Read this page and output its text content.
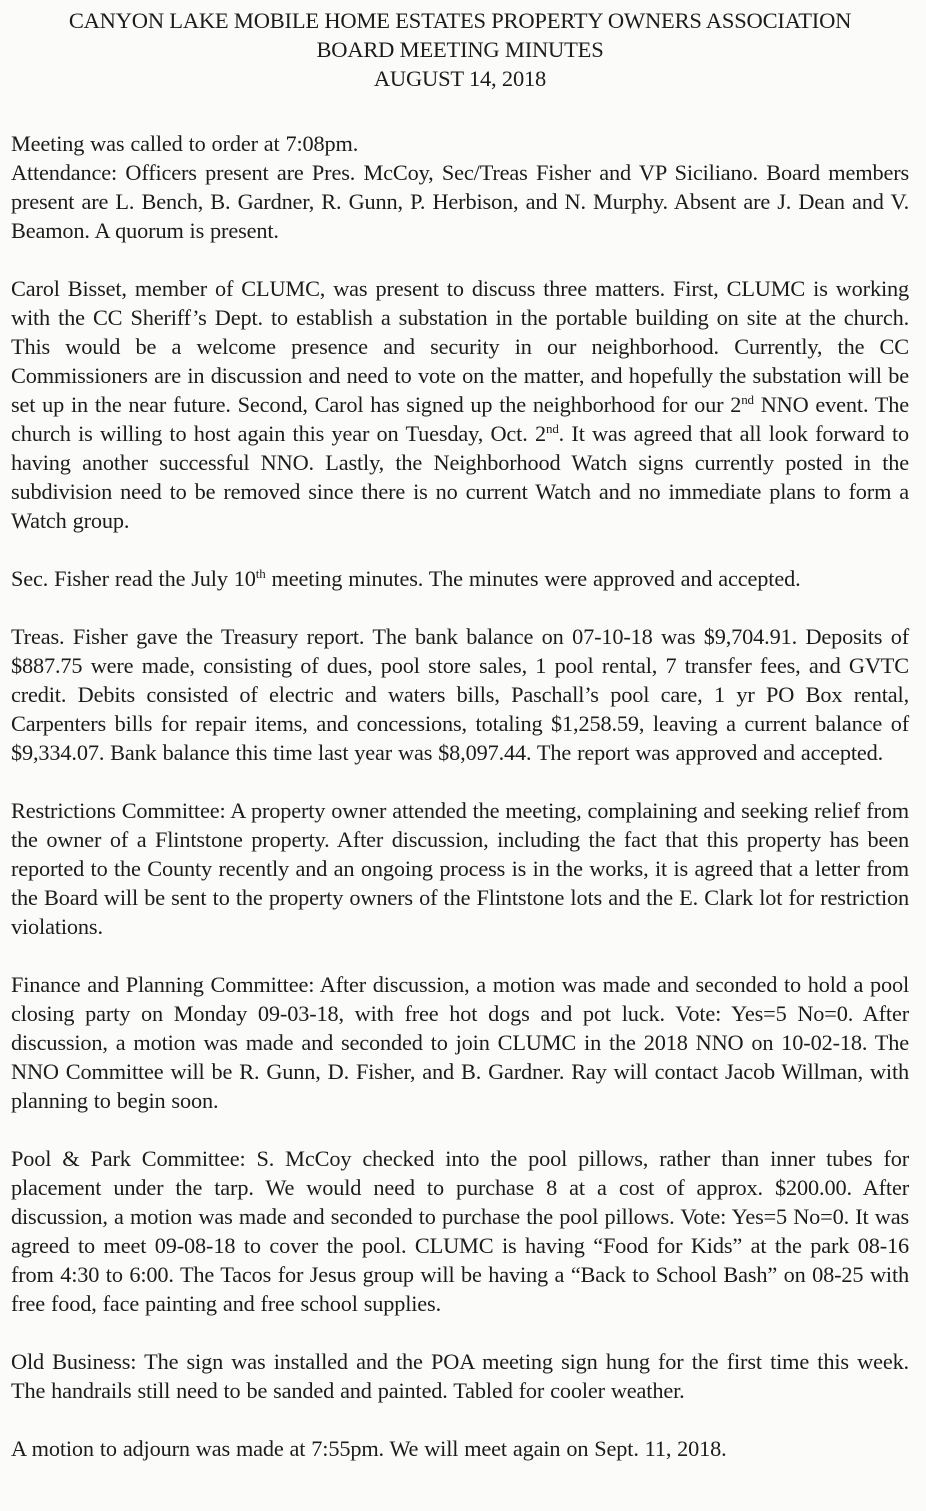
CANYON LAKE MOBILE HOME ESTATES PROPERTY OWNERS ASSOCIATION
BOARD MEETING MINUTES
AUGUST 14, 2018

Meeting was called to order at 7:08pm.

Attendance: Officers present are Pres. McCoy, Sec/Treas Fisher and VP Siciliano. Board members present are L. Bench, B. Gardner, R. Gunn, P. Herbison, and N. Murphy. Absent are J. Dean and V. Beamon. A quorum is present.

Carol Bisset, member of CLUMC, was present to discuss three matters. First, CLUMC is working with the CC Sheriff’s Dept. to establish a substation in the portable building on site at the church. This would be a welcome presence and security in our neighborhood. Currently, the CC Commissioners are in discussion and need to vote on the matter, and hopefully the substation will be set up in the near future. Second, Carol has signed up the neighborhood for our 2nd NNO event. The church is willing to host again this year on Tuesday, Oct. 2nd. It was agreed that all look forward to having another successful NNO. Lastly, the Neighborhood Watch signs currently posted in the subdivision need to be removed since there is no current Watch and no immediate plans to form a Watch group.

Sec. Fisher read the July 10th meeting minutes. The minutes were approved and accepted.

Treas. Fisher gave the Treasury report. The bank balance on 07-10-18 was $9,704.91. Deposits of $887.75 were made, consisting of dues, pool store sales, 1 pool rental, 7 transfer fees, and GVTC credit. Debits consisted of electric and waters bills, Paschall’s pool care, 1 yr PO Box rental, Carpenters bills for repair items, and concessions, totaling $1,258.59, leaving a current balance of $9,334.07. Bank balance this time last year was $8,097.44. The report was approved and accepted.

Restrictions Committee: A property owner attended the meeting, complaining and seeking relief from the owner of a Flintstone property. After discussion, including the fact that this property has been reported to the County recently and an ongoing process is in the works, it is agreed that a letter from the Board will be sent to the property owners of the Flintstone lots and the E. Clark lot for restriction violations.

Finance and Planning Committee: After discussion, a motion was made and seconded to hold a pool closing party on Monday 09-03-18, with free hot dogs and pot luck. Vote: Yes=5 No=0. After discussion, a motion was made and seconded to join CLUMC in the 2018 NNO on 10-02-18. The NNO Committee will be R. Gunn, D. Fisher, and B. Gardner. Ray will contact Jacob Willman, with planning to begin soon.

Pool & Park Committee: S. McCoy checked into the pool pillows, rather than inner tubes for placement under the tarp. We would need to purchase 8 at a cost of approx. $200.00. After discussion, a motion was made and seconded to purchase the pool pillows. Vote: Yes=5 No=0. It was agreed to meet 09-08-18 to cover the pool. CLUMC is having “Food for Kids” at the park 08-16 from 4:30 to 6:00. The Tacos for Jesus group will be having a “Back to School Bash” on 08-25 with free food, face painting and free school supplies.

Old Business: The sign was installed and the POA meeting sign hung for the first time this week. The handrails still need to be sanded and painted. Tabled for cooler weather.

A motion to adjourn was made at 7:55pm. We will meet again on Sept. 11, 2018.
